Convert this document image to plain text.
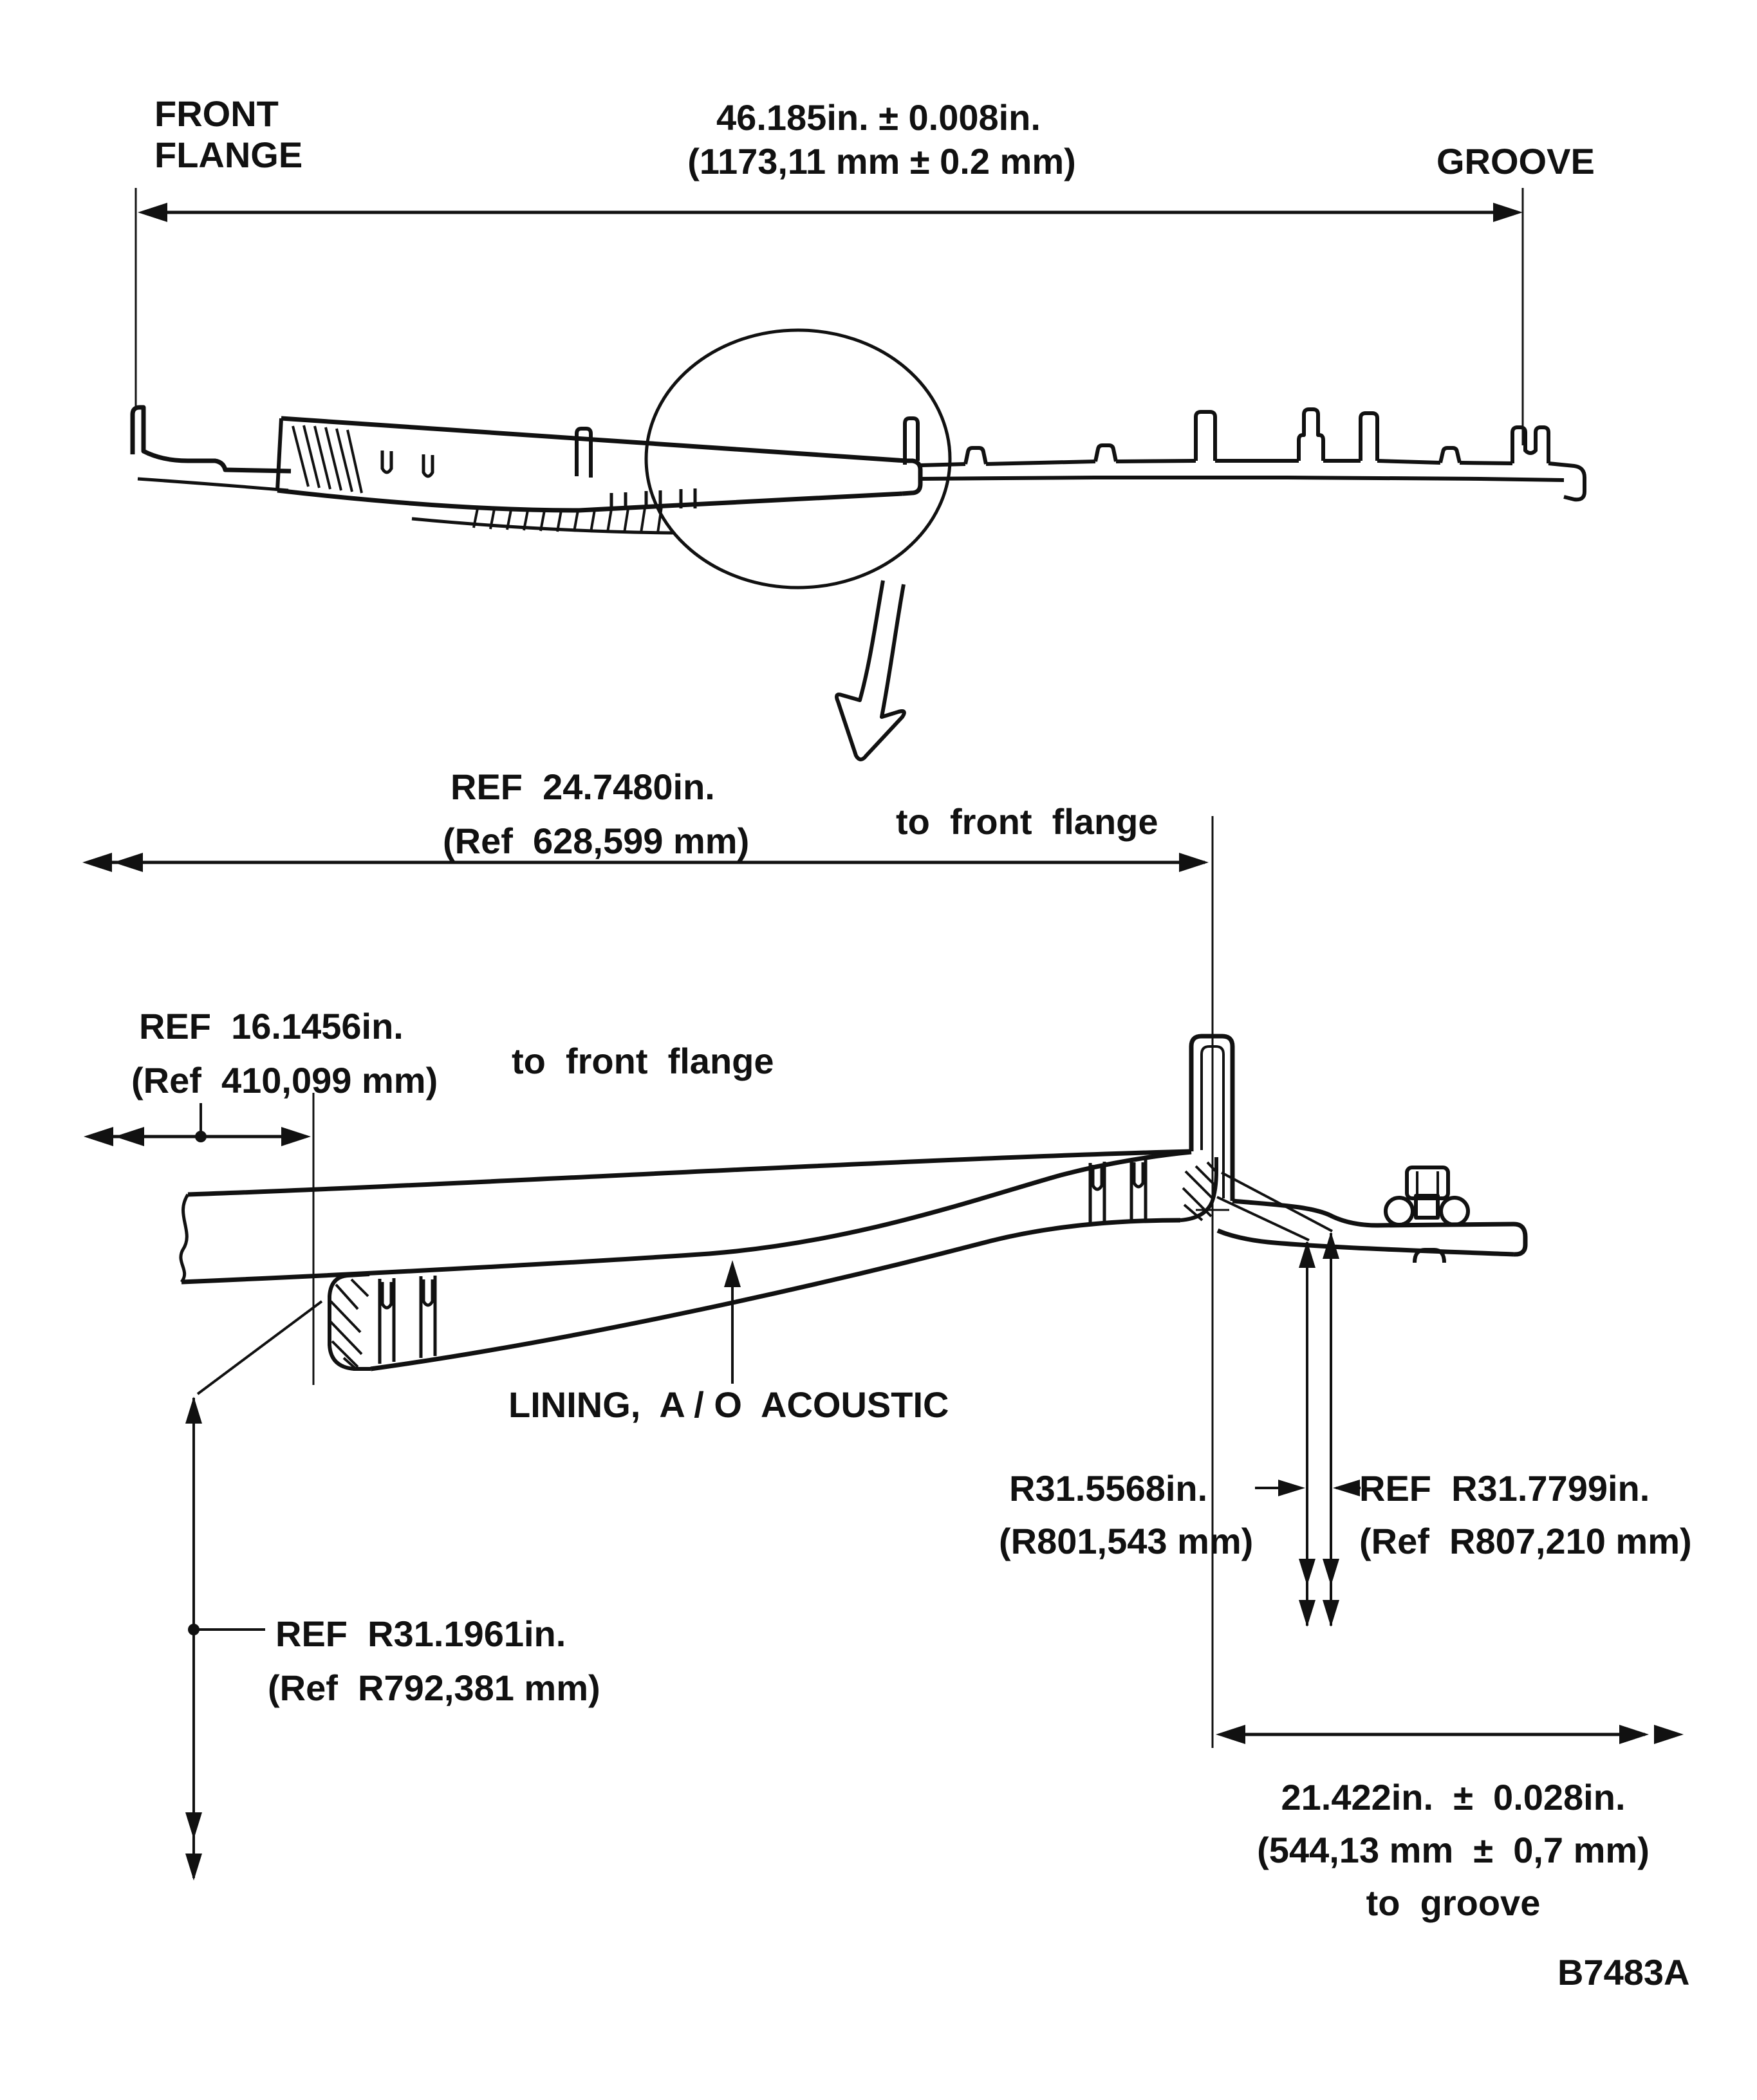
FRONT
FLANGE
46.185in. ± 0.008in.
(1173,11 mm ± 0.2 mm)	GROOVE
REF  24.7480in.
(Ref  628,599 mm)	to  front  flange
REF  16.1456in.
(Ref  410,099 mm) to  front  flange
LINING,  A / O  ACOUSTIC
R31.5568in.
(R801,543 mm)
REF  R31.7799in.
(Ref  R807,210 mm)
REF  R31.1961in.
(Ref  R792,381 mm)
21.422in.  ±  0.028in.
(544,13 mm  ±  0,7 mm)
to  groove
B7483A
